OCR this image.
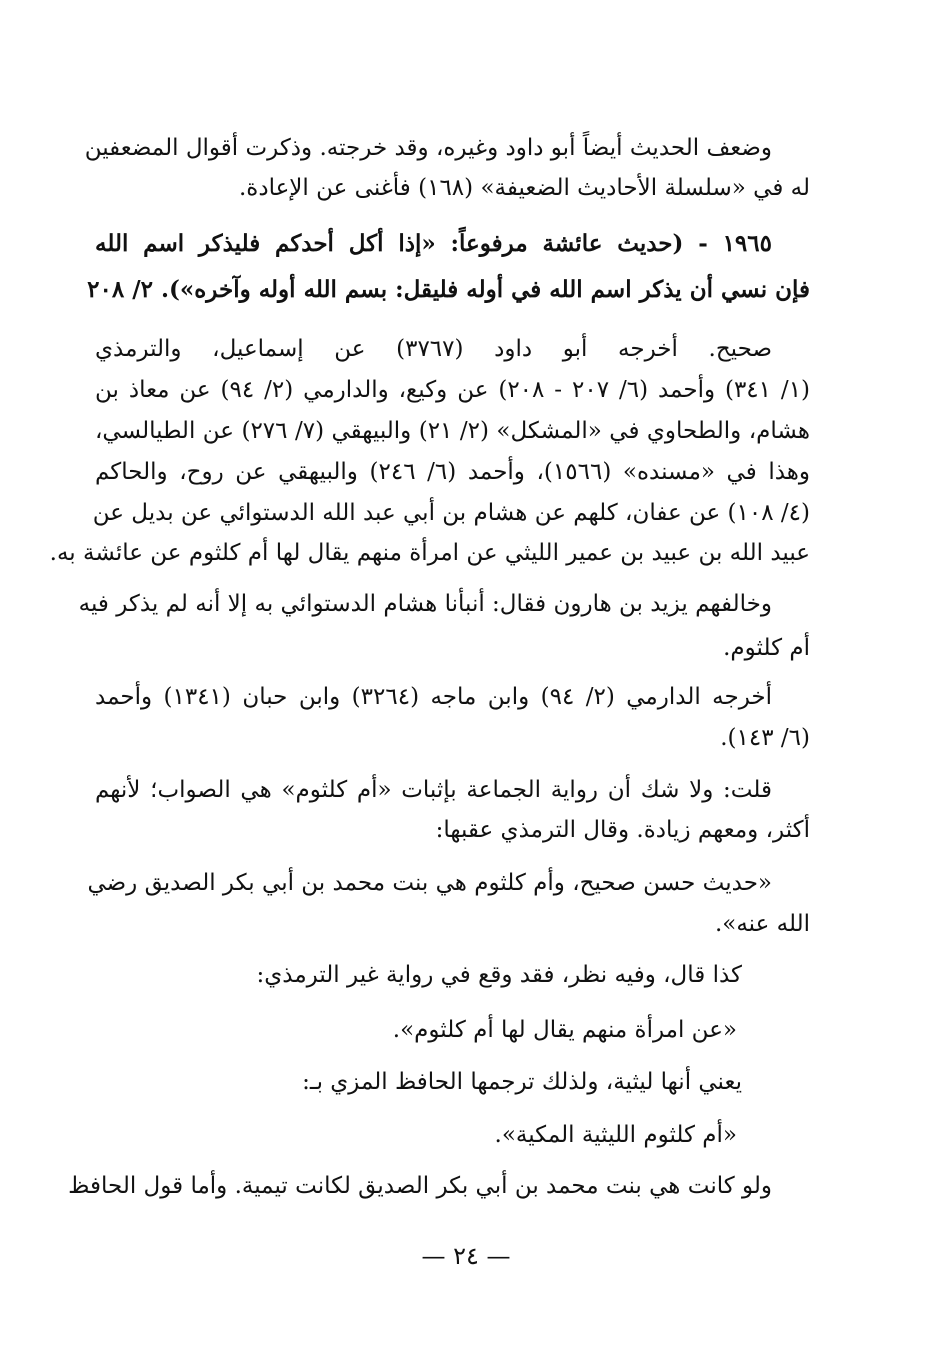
وضعف الحديث أيضاً أبو داود وغيره، وقد خرجته. وذكرت أقوال المضعفين
له في «سلسلة الأحاديث الضعيفة» (١٦٨) فأغنى عن الإعادة.
١٩٦٥ - (حديث عائشة مرفوعاً: «إذا أكل أحدكم فليذكر اسم الله
فإن نسي أن يذكر اسم الله في أوله فليقل: بسم الله أوله وآخره»). ٢/ ٢٠٨
صحيح. أخرجه أبو داود (٣٧٦٧) عن إسماعيل، والترمذي
(١/ ٣٤١) وأحمد (٦/ ٢٠٧ - ٢٠٨) عن وكيع، والدارمي (٢/ ٩٤) عن معاذ بن
هشام، والطحاوي في «المشكل» (٢/ ٢١) والبيهقي (٧/ ٢٧٦) عن الطيالسي،
وهذا في «مسنده» (١٥٦٦)، وأحمد (٦/ ٢٤٦) والبيهقي عن روح، والحاكم
(٤/ ١٠٨) عن عفان، كلهم عن هشام بن أبي عبد الله الدستوائي عن بديل عن
عبيد الله بن عبيد بن عمير الليثي عن امرأة منهم يقال لها أم كلثوم عن عائشة به.
وخالفهم يزيد بن هارون فقال: أنبأنا هشام الدستوائي به إلا أنه لم يذكر فيه
أم كلثوم.
أخرجه الدارمي (٢/ ٩٤) وابن ماجه (٣٢٦٤) وابن حبان (١٣٤١) وأحمد
(٦/ ١٤٣).
قلت: ولا شك أن رواية الجماعة بإثبات «أم كلثوم» هي الصواب؛ لأنهم
أكثر، ومعهم زيادة. وقال الترمذي عقبها:
«حديث حسن صحيح، وأم كلثوم هي بنت محمد بن أبي بكر الصديق رضي
الله عنه».
كذا قال، وفيه نظر، فقد وقع في رواية غير الترمذي:
«عن امرأة منهم يقال لها أم كلثوم».
يعني أنها ليثية، ولذلك ترجمها الحافظ المزي بـ:
«أم كلثوم الليثية المكية».
ولو كانت هي بنت محمد بن أبي بكر الصديق لكانت تيمية. وأما قول الحافظ
— ٢٤ —
